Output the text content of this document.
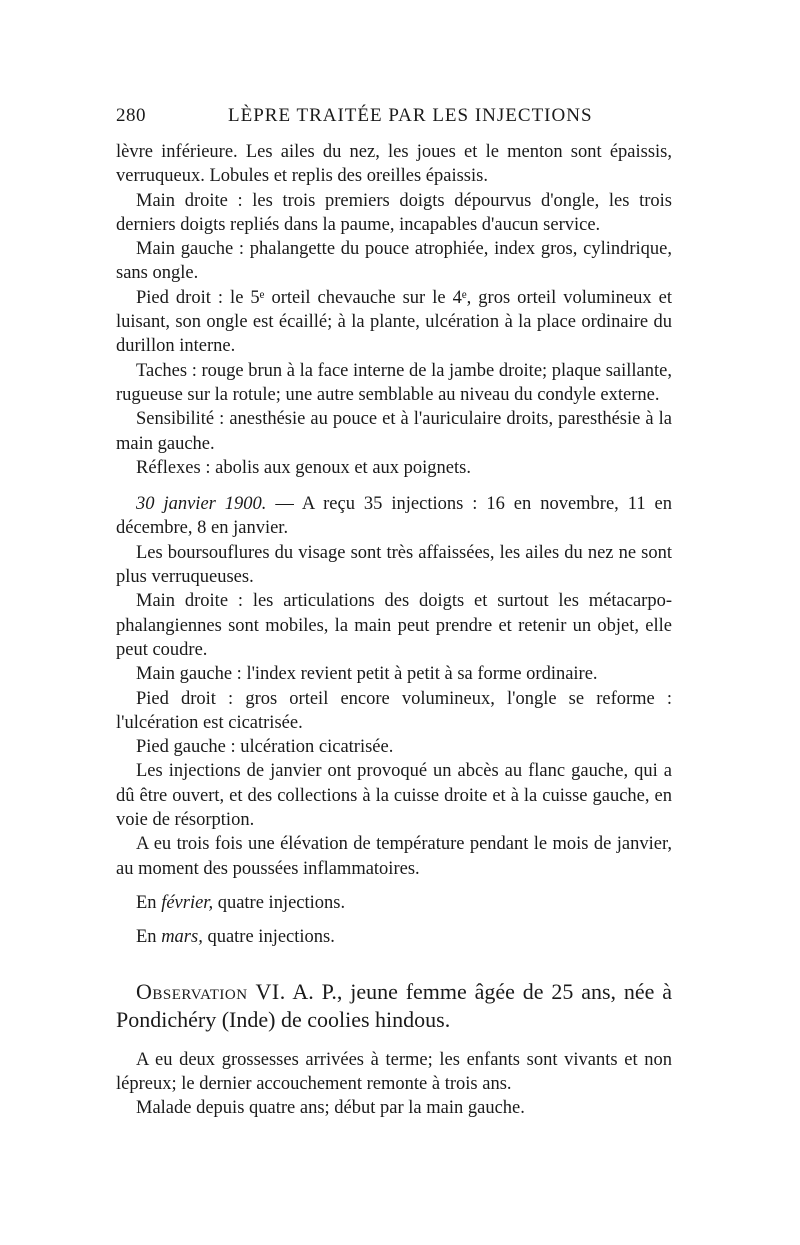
280	LÈPRE TRAITÉE PAR LES INJECTIONS

lèvre inférieure. Les ailes du nez, les joues et le menton sont épaissis, verruqueux. Lobules et replis des oreilles épaissis.

Main droite : les trois premiers doigts dépourvus d'ongle, les trois derniers doigts repliés dans la paume, incapables d'aucun service.

Main gauche : phalangette du pouce atrophiée, index gros, cylindrique, sans ongle.

Pied droit : le 5ᵉ orteil chevauche sur le 4ᵉ, gros orteil volumineux et luisant, son ongle est écaillé; à la plante, ulcération à la place ordinaire du durillon interne.

Taches : rouge brun à la face interne de la jambe droite; plaque saillante, rugueuse sur la rotule; une autre semblable au niveau du condyle externe.

Sensibilité : anesthésie au pouce et à l'auriculaire droits, paresthésie à la main gauche.

Réflexes : abolis aux genoux et aux poignets.

30 janvier 1900. — A reçu 35 injections : 16 en novembre, 11 en décembre, 8 en janvier.

Les boursouflures du visage sont très affaissées, les ailes du nez ne sont plus verruqueuses.

Main droite : les articulations des doigts et surtout les métacarpo-phalangiennes sont mobiles, la main peut prendre et retenir un objet, elle peut coudre.

Main gauche : l'index revient petit à petit à sa forme ordinaire.

Pied droit : gros orteil encore volumineux, l'ongle se reforme : l'ulcération est cicatrisée.

Pied gauche : ulcération cicatrisée.

Les injections de janvier ont provoqué un abcès au flanc gauche, qui a dû être ouvert, et des collections à la cuisse droite et à la cuisse gauche, en voie de résorption.

A eu trois fois une élévation de température pendant le mois de janvier, au moment des poussées inflammatoires.

En février, quatre injections.

En mars, quatre injections.

Observation VI. A. P., jeune femme âgée de 25 ans, née à Pondichéry (Inde) de coolies hindous.

A eu deux grossesses arrivées à terme; les enfants sont vivants et non lépreux; le dernier accouchement remonte à trois ans.

Malade depuis quatre ans; début par la main gauche.
